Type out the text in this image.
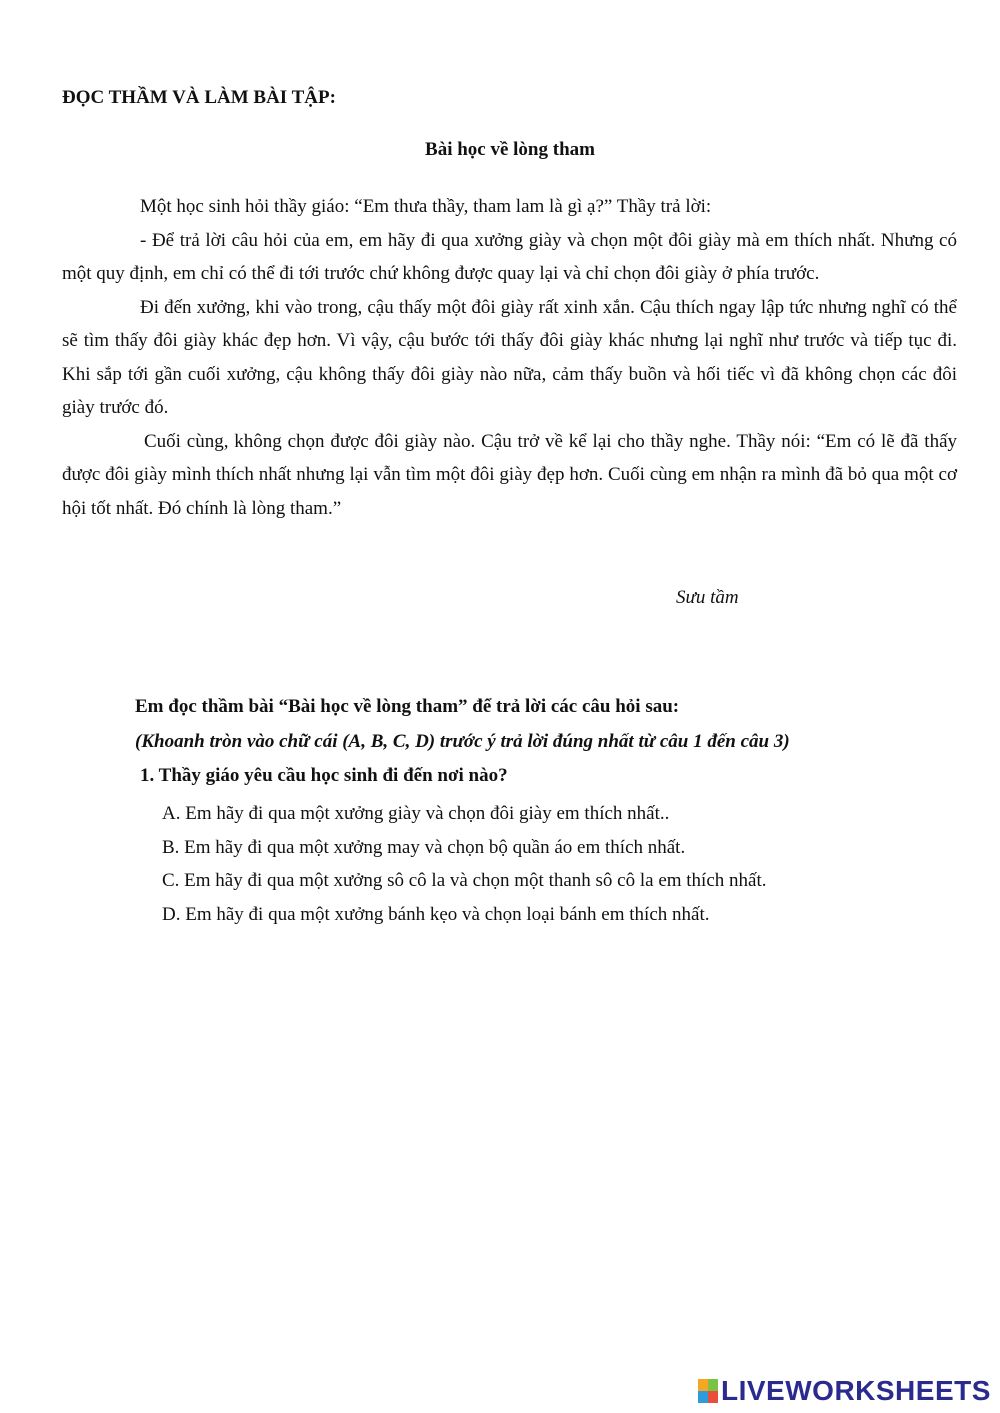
ĐỌC THẦM VÀ LÀM BÀI TẬP:
Bài học về lòng tham

Một học sinh hỏi thầy giáo: “Em thưa thầy, tham lam là gì ạ?” Thầy trả lời:

- Để trả lời câu hỏi của em, em hãy đi qua xưởng giày và chọn một đôi giày mà em thích nhất. Nhưng có một quy định, em chỉ có thể đi tới trước chứ không được quay lại và chỉ chọn đôi giày ở phía trước.

Đi đến xưởng, khi vào trong, cậu thấy một đôi giày rất xinh xắn. Cậu thích ngay lập tức nhưng nghĩ có thể sẽ tìm thấy đôi giày khác đẹp hơn. Vì vậy, cậu bước tới thấy đôi giày khác nhưng lại nghĩ như trước và tiếp tục đi. Khi sắp tới gần cuối xưởng, cậu không thấy đôi giày nào nữa, cảm thấy buồn và hối tiếc vì đã không chọn các đôi giày trước đó.

Cuối cùng, không chọn được đôi giày nào. Cậu trở về kể lại cho thầy nghe. Thầy nói: “Em có lẽ đã thấy được đôi giày mình thích nhất nhưng lại vẫn tìm một đôi giày đẹp hơn. Cuối cùng em nhận ra mình đã bỏ qua một cơ hội tốt nhất. Đó chính là lòng tham.”

Sưu tầm
Em đọc thầm bài “Bài học về lòng tham” để trả lời các câu hỏi sau:
(Khoanh tròn vào chữ cái (A, B, C, D) trước ý trả lời đúng nhất từ câu 1 đến câu 3)
1. Thầy giáo yêu cầu học sinh đi đến nơi nào?
A. Em hãy đi qua một xưởng giày và chọn đôi giày em thích nhất..
B. Em hãy đi qua một xưởng may và chọn bộ quần áo em thích nhất.
C. Em hãy đi qua một xưởng sô cô la và chọn một thanh sô cô la em thích nhất.
D. Em hãy đi qua một xưởng bánh kẹo và chọn loại bánh em thích nhất.
LIVEWORKSHEETS
